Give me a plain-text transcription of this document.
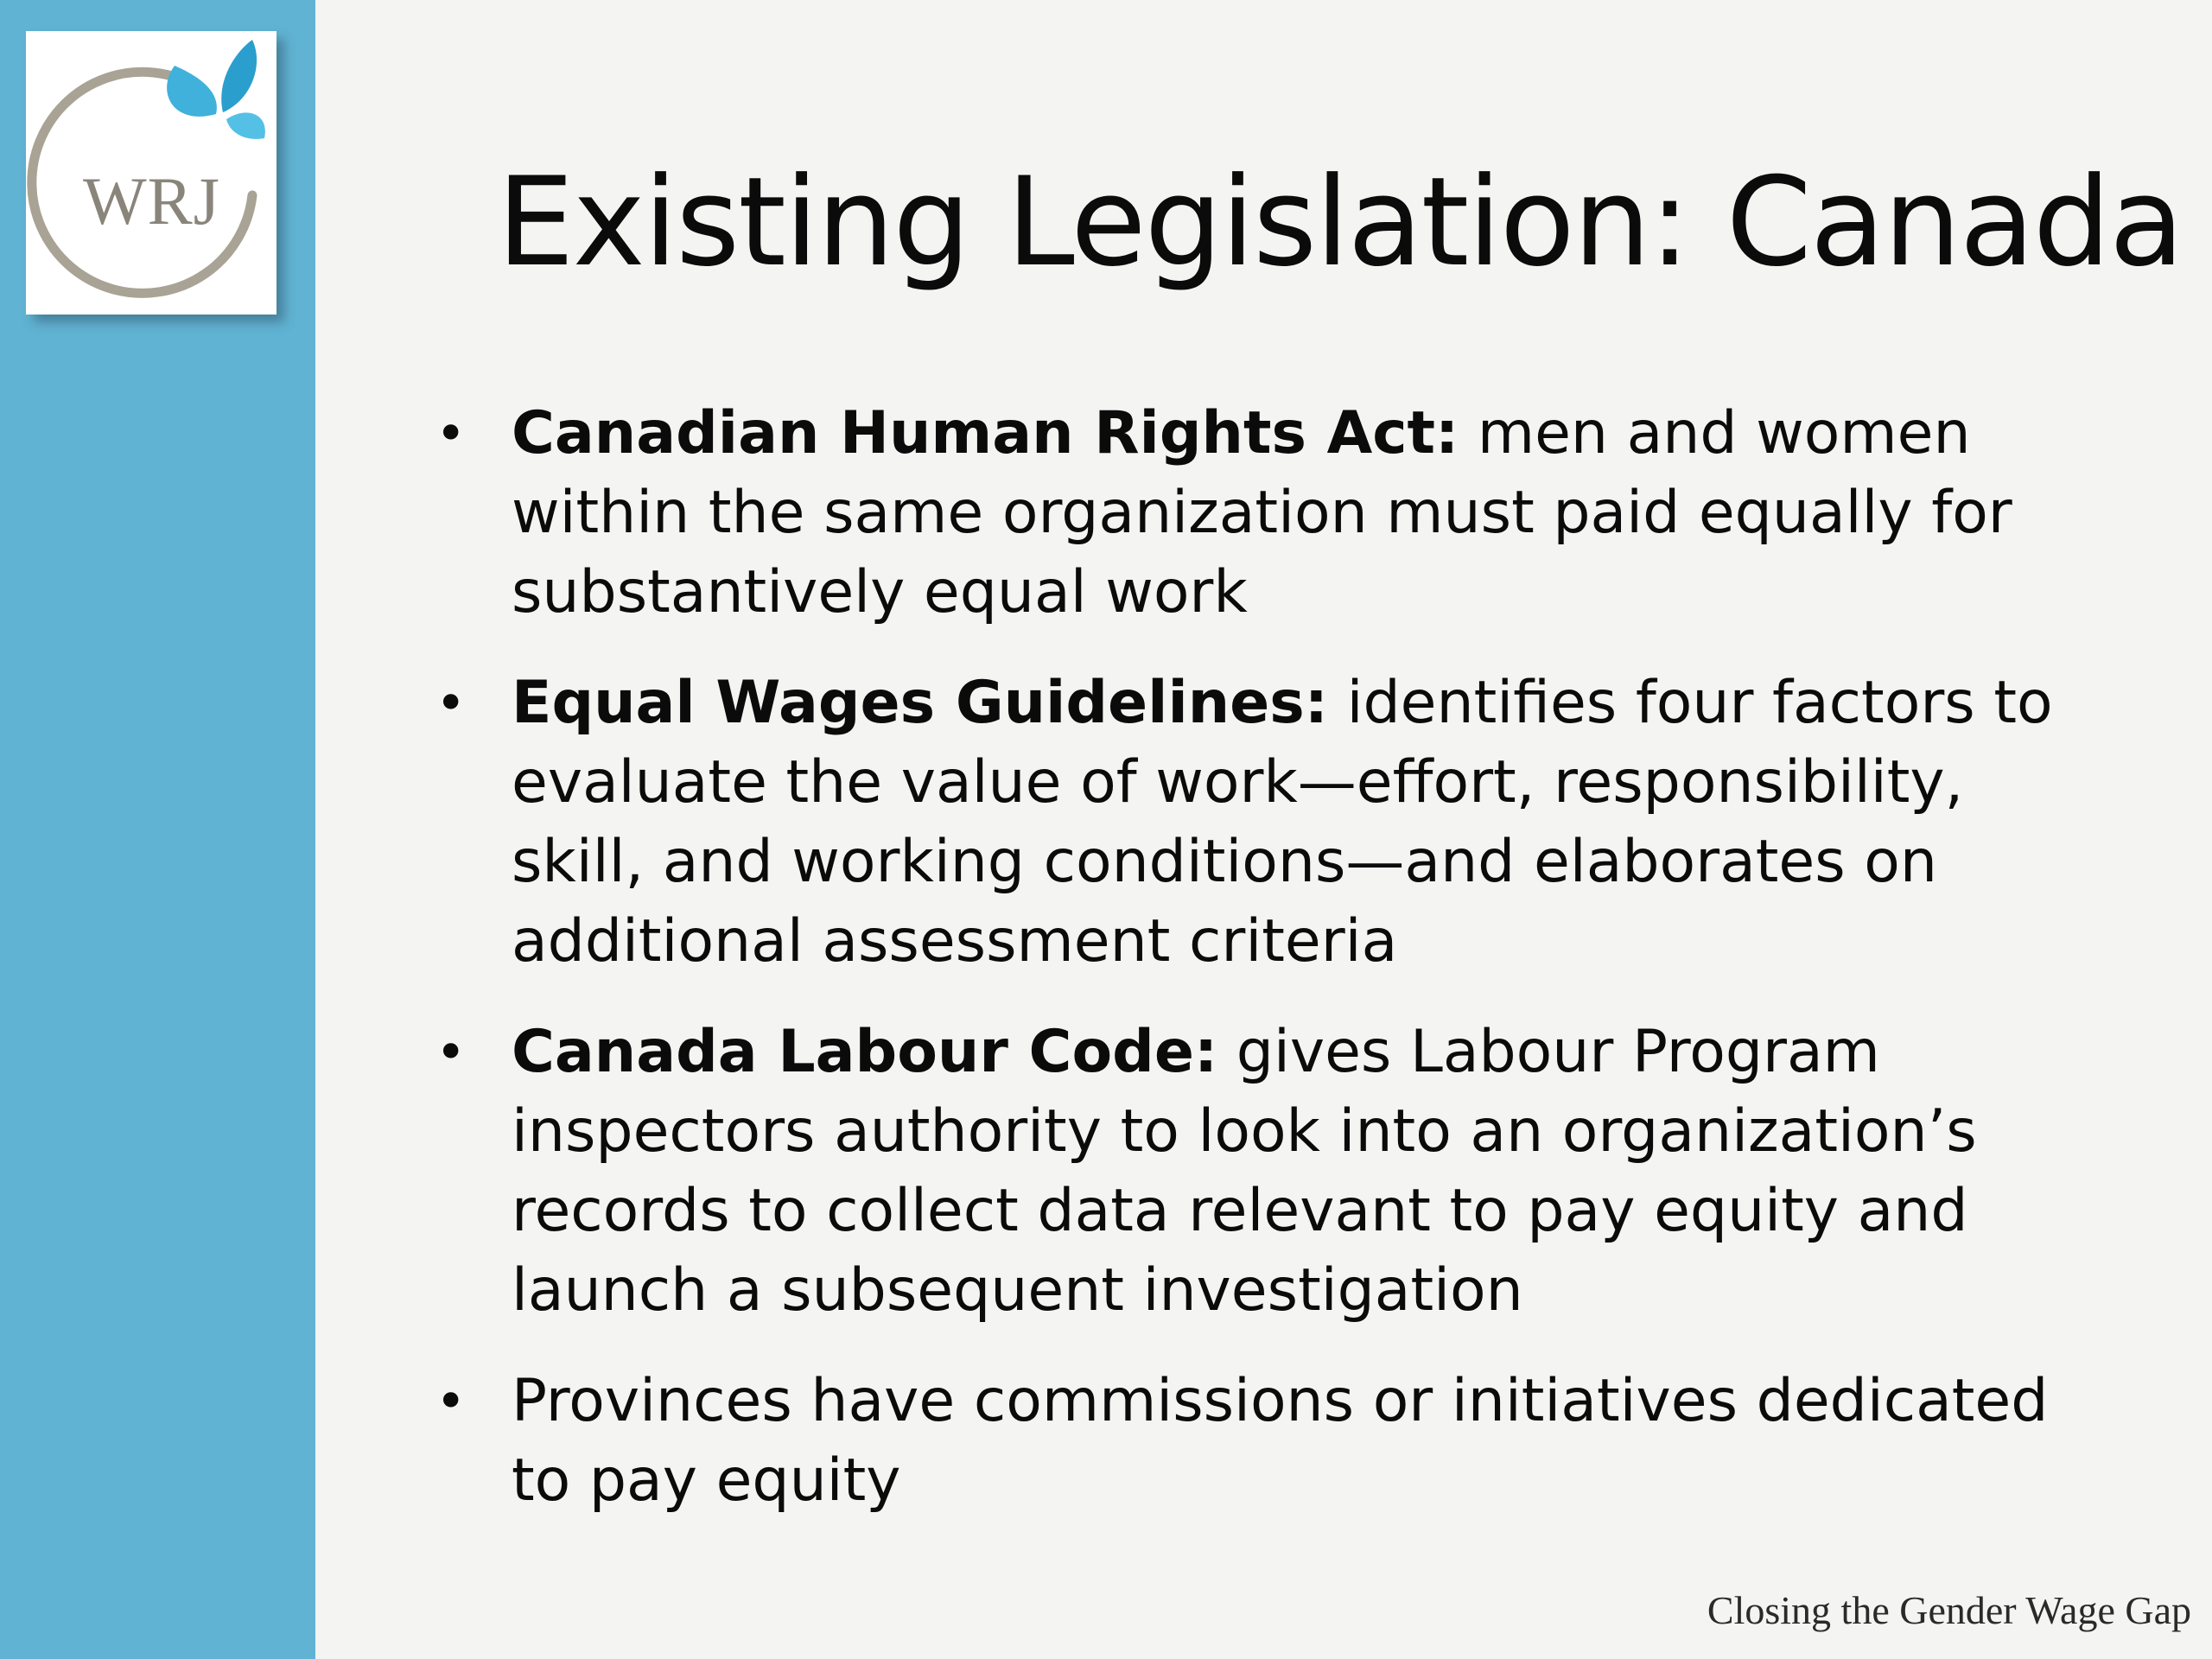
WRJ Existing Legislation: Canada
• Canadian Human Rights Act: men and women within the same organization must paid equally for substantively equal work
• Equal Wages Guidelines: identifies four factors to evaluate the value of work—effort, responsibility, skill, and working conditions—and elaborates on additional assessment criteria
• Canada Labour Code: gives Labour Program inspectors authority to look into an organization’s records to collect data relevant to pay equity and launch a subsequent investigation
• Provinces have commissions or initiatives dedicated to pay equity
Closing the Gender Wage Gap
